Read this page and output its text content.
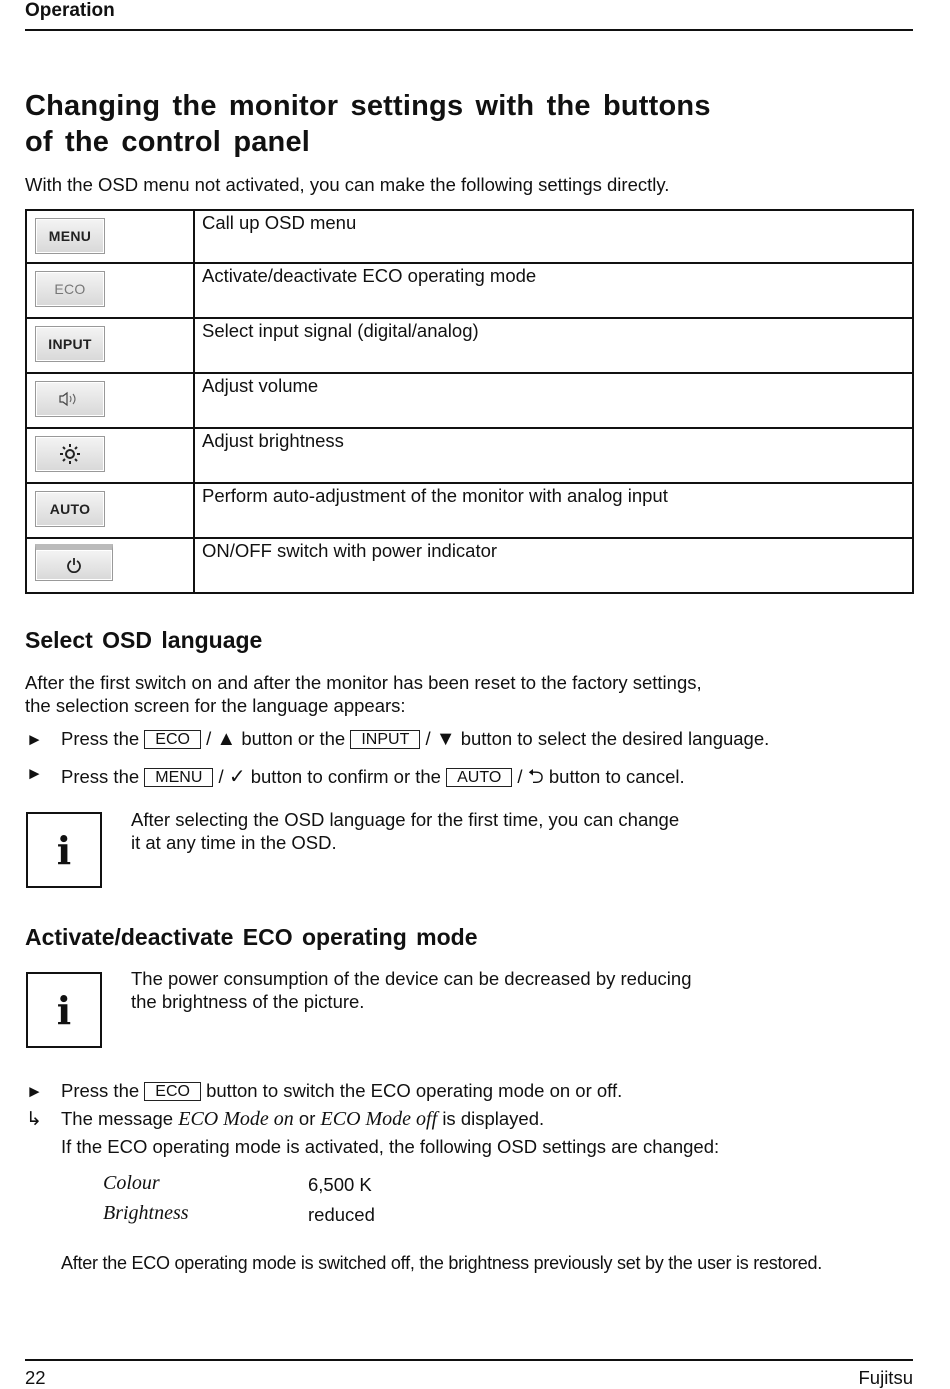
Operation
Changing the monitor settings with the buttons
of the control panel
With the OSD menu not activated, you can make the following settings directly.
MENU	Call up OSD menu

ECO	Activate/deactivate ECO operating mode

INPUT	Select input signal (digital/analog)

	Adjust volume

	Adjust brightness

AUTO	Perform auto-adjustment of the monitor with analog input

	ON/OFF switch with power indicator
Select OSD language
After the first switch on and after the monitor has been reset to the factory settings,
the selection screen for the language appears:
► Press the ECO / ▲ button or the INPUT / ▼ button to select the desired language.
► Press the MENU / ✓ button to confirm or the AUTO / ⮌ button to cancel.
i
After selecting the OSD language for the first time, you can change
it at any time in the OSD.
Activate/deactivate ECO operating mode
i
The power consumption of the device can be decreased by reducing
the brightness of the picture.
► Press the ECO button to switch the ECO operating mode on or off.
↳ The message ECO Mode on or ECO Mode off is displayed.
If the ECO operating mode is activated, the following OSD settings are changed:
Colour	6,500 K
Brightness	reduced
After the ECO operating mode is switched off, the brightness previously set by the user is restored.
22	Fujitsu
